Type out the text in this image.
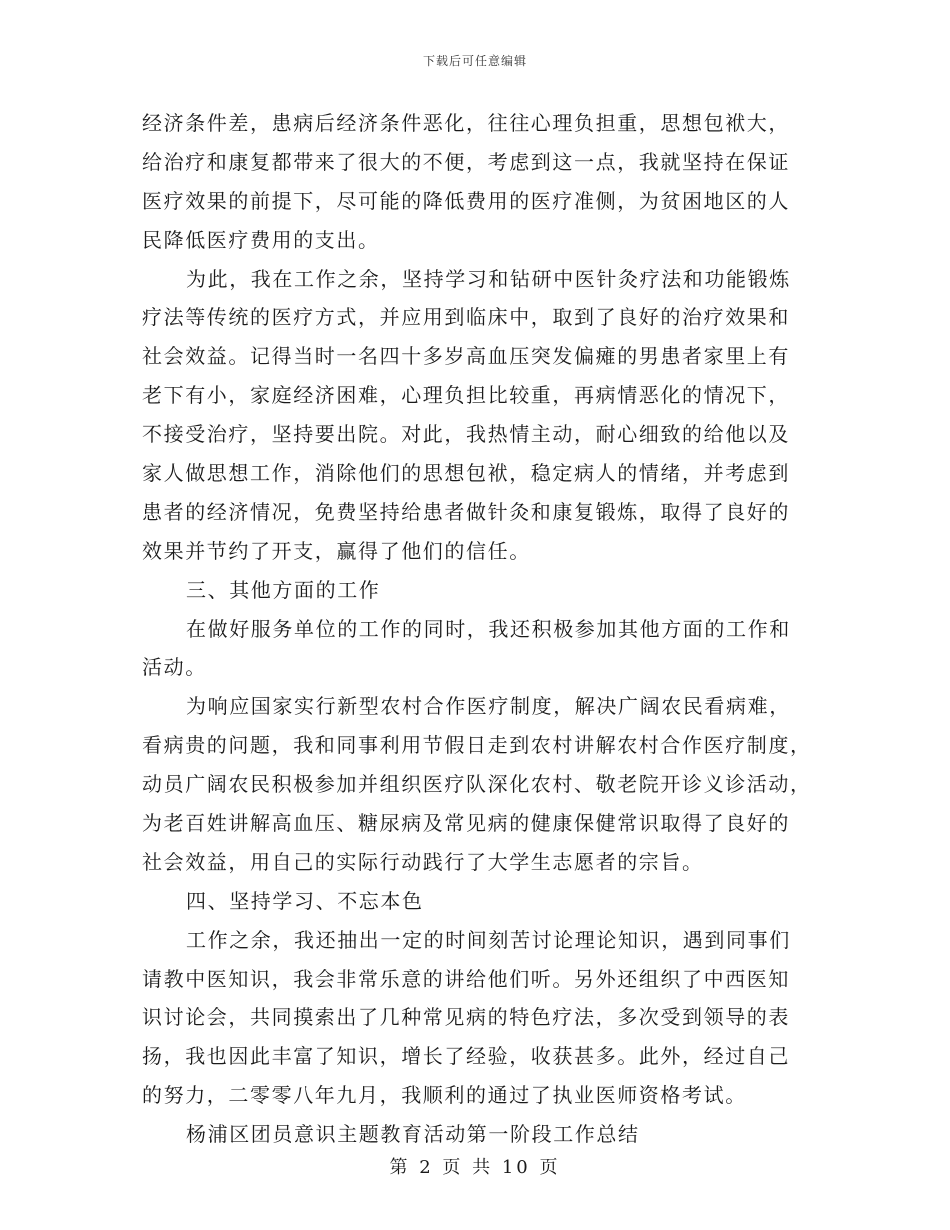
下载后可任意编辑
经济条件差，患病后经济条件恶化，往往心理负担重，思想包袱大，
给治疗和康复都带来了很大的不便，考虑到这一点，我就坚持在保证
医疗效果的前提下，尽可能的降低费用的医疗准侧，为贫困地区的人
民降低医疗费用的支出。
为此，我在工作之余，坚持学习和钻研中医针灸疗法和功能锻炼
疗法等传统的医疗方式，并应用到临床中，取到了良好的治疗效果和
社会效益。记得当时一名四十多岁高血压突发偏瘫的男患者家里上有
老下有小，家庭经济困难，心理负担比较重，再病情恶化的情况下，
不接受治疗，坚持要出院。对此，我热情主动，耐心细致的给他以及
家人做思想工作，消除他们的思想包袱，稳定病人的情绪，并考虑到
患者的经济情况，免费坚持给患者做针灸和康复锻炼，取得了良好的
效果并节约了开支，赢得了他们的信任。
三、其他方面的工作
在做好服务单位的工作的同时，我还积极参加其他方面的工作和
活动。
为响应国家实行新型农村合作医疗制度，解决广阔农民看病难，
看病贵的问题，我和同事利用节假日走到农村讲解农村合作医疗制度，
动员广阔农民积极参加并组织医疗队深化农村、敬老院开诊义诊活动，
为老百姓讲解高血压、糖尿病及常见病的健康保健常识取得了良好的
社会效益，用自己的实际行动践行了大学生志愿者的宗旨。
四、坚持学习、不忘本色
工作之余，我还抽出一定的时间刻苦讨论理论知识，遇到同事们
请教中医知识，我会非常乐意的讲给他们听。另外还组织了中西医知
识讨论会，共同摸索出了几种常见病的特色疗法，多次受到领导的表
扬，我也因此丰富了知识，增长了经验，收获甚多。此外，经过自己
的努力，二零零八年九月，我顺利的通过了执业医师资格考试。
杨浦区团员意识主题教育活动第一阶段工作总结
第 2 页 共 10 页
